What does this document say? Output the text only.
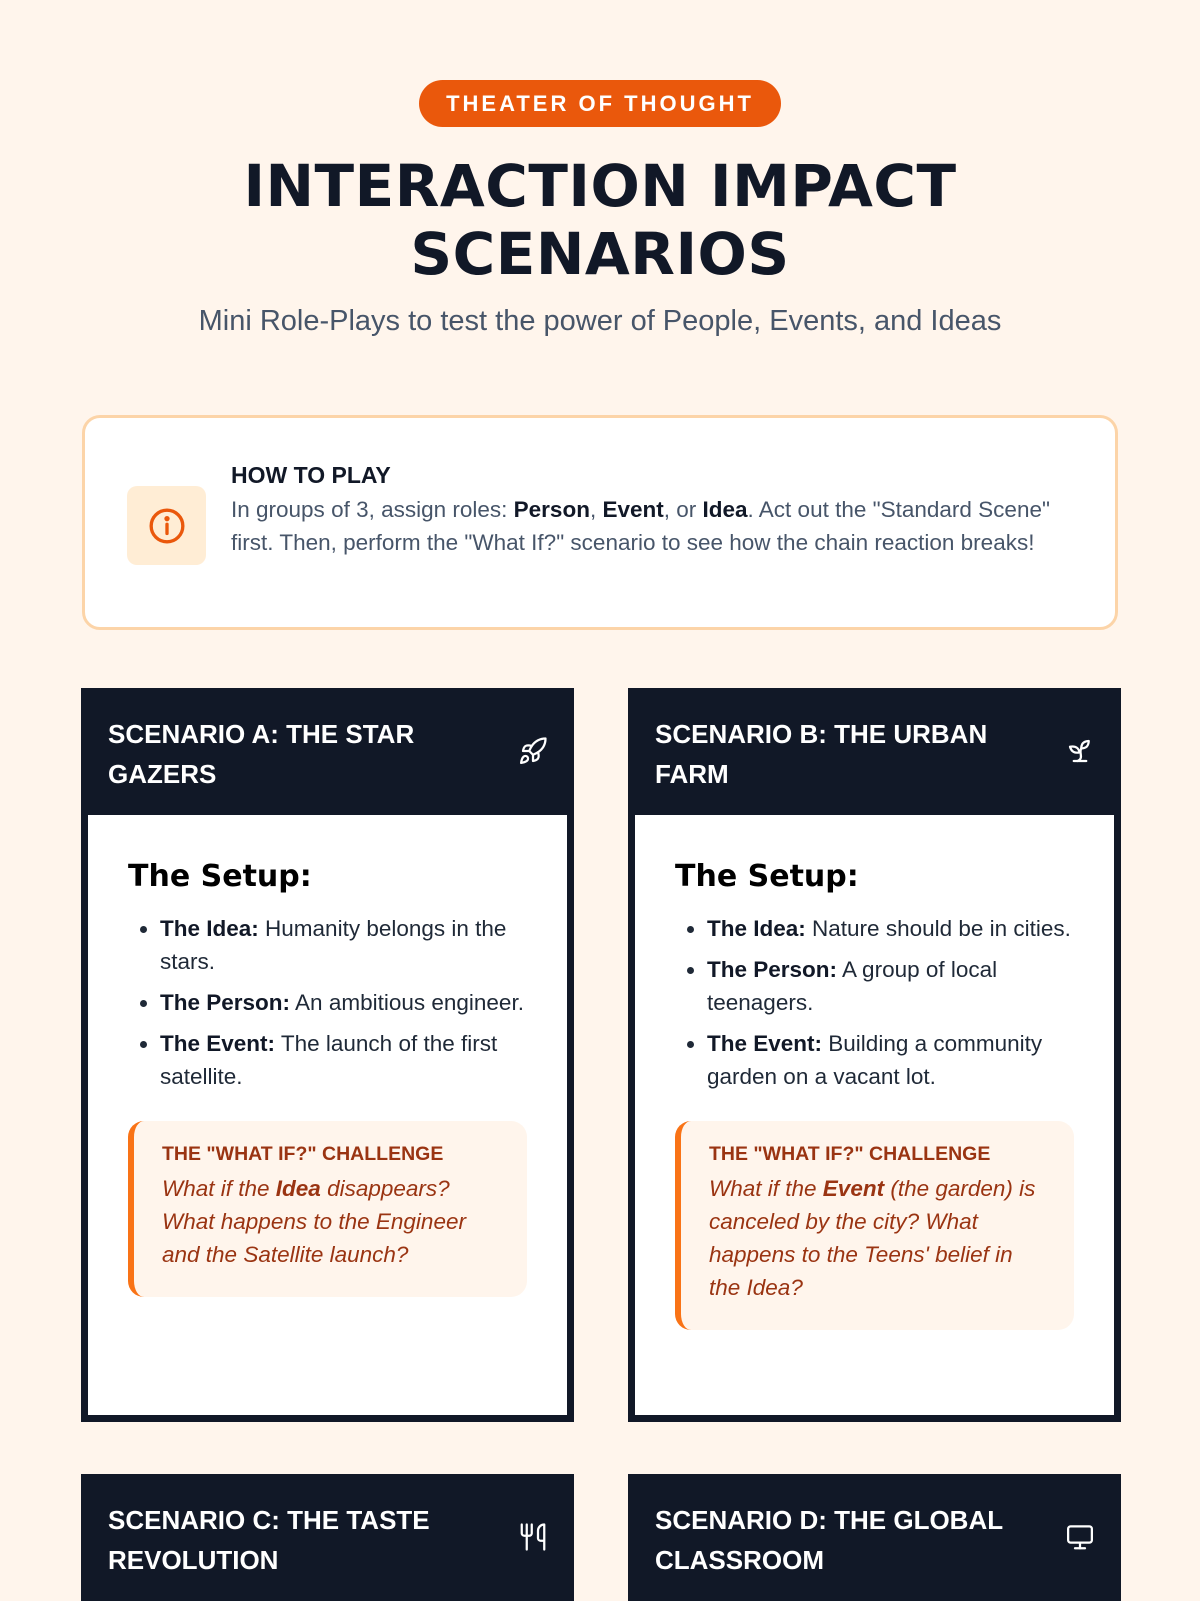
THEATER OF THOUGHT
INTERACTION IMPACT
SCENARIOS

Mini Role-Plays to test the power of People, Events, and Ideas

HOW TO PLAY

In groups of 3, assign roles: Person, Event, or Idea. Act out the "Standard Scene" first. Then, perform the "What If?" scenario to see how the chain reaction breaks!

SCENARIO A: THE STAR GAZERS
The Setup:
• The Idea: Humanity belongs in the stars.
• The Person: An ambitious engineer.
• The Event: The launch of the first satellite.

THE "WHAT IF?" CHALLENGE

What if the Idea disappears? What happens to the Engineer and the Satellite launch?

SCENARIO B: THE URBAN FARM
The Setup:
• The Idea: Nature should be in cities.
• The Person: A group of local teenagers.
• The Event: Building a community garden on a vacant lot.

THE "WHAT IF?" CHALLENGE

What if the Event (the garden) is canceled by the city? What happens to the Teens' belief in the Idea?

SCENARIO C: THE TASTE REVOLUTION
SCENARIO D: THE GLOBAL CLASSROOM
